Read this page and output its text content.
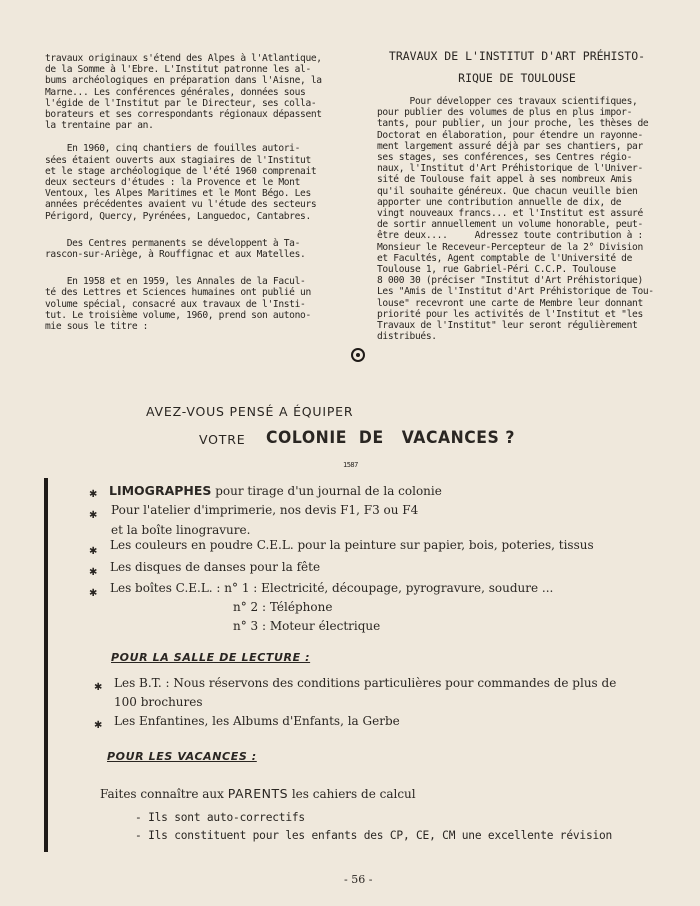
travaux originaux s'étend des Alpes à l'Atlantique,

de la Somme à l'Ebre. L'Institut patronne les al-

bums archéologiques en préparation dans l'Aisne, la

Marne... Les conférences générales, données sous

l'égide de l'Institut par le Directeur, ses colla-

borateurs et ses correspondants régionaux dépassent

la trentaine par an.

En 1960, cinq chantiers de fouilles autori-

sées étaient ouverts aux stagiaires de l'Institut

et le stage archéologique de l'été 1960 comprenait

deux secteurs d'études : la Provence et le Mont

Ventoux, les Alpes Maritimes et le Mont Bégo. Les

années précédentes avaient vu l'étude des secteurs

Périgord, Quercy, Pyrénées, Languedoc, Cantabres.

Des Centres permanents se développent à Ta-

rascon-sur-Ariège, à Rouffignac et aux Matelles.

En 1958 et en 1959, les Annales de la Facul-

té des Lettres et Sciences humaines ont publié un

volume spécial, consacré aux travaux de l'Insti-

tut. Le troisième volume, 1960, prend son autono-

mie sous le titre :

TRAVAUX DE L'INSTITUT D'ART PRÉHISTO-

RIQUE DE TOULOUSE

Pour développer ces travaux scientifiques,

pour publier des volumes de plus en plus impor-

tants, pour publier, un jour proche, les thèses de

Doctorat en élaboration, pour étendre un rayonne-

ment largement assuré déjà par ses chantiers, par

ses stages, ses conférences, ses Centres régio-

naux, l'Institut d'Art Préhistorique de l'Univer-

sité de Toulouse fait appel à ses nombreux Amis

qu'il souhaite généreux. Que chacun veuille bien

apporter une contribution annuelle de dix, de

vingt nouveaux francs... et l'Institut est assuré

de sortir annuellement un volume honorable, peut-

être deux....     Adressez toute contribution à :

Monsieur le Receveur-Percepteur de la 2° Division

et Facultés, Agent comptable de l'Université de

Toulouse 1, rue Gabriel-Péri C.C.P. Toulouse

8 000 30 (préciser "Institut d'Art Préhistorique)

Les "Amis de l'Institut d'Art Préhistorique de Tou-

louse" recevront une carte de Membre leur donnant

priorité pour les activités de l'Institut et "les

Travaux de l'Institut" leur seront régulièrement

distribués.

AVEZ-VOUS PENSÉ A ÉQUIPER
VOTRE COLONIE  DE   VACANCES ?
1587
✱ LIMOGRAPHES pour tirage d'un journal de la colonie
✱ Pour l'atelier d'imprimerie, nos devis F1, F3 ou F4
et la boîte linogravure.
✱ Les couleurs en poudre C.E.L. pour la peinture sur papier, bois, poteries, tissus
✱ Les disques de danses pour la fête
✱ Les boîtes C.E.L. : n° 1 : Electricité, découpage, pyrogravure, soudure ...
n° 2 : Téléphone
n° 3 : Moteur électrique
POUR LA SALLE DE LECTURE :
✱ Les B.T. : Nous réservons des conditions particulières pour commandes de plus de
100 brochures
✱ Les Enfantines, les Albums d'Enfants, la Gerbe
POUR LES VACANCES :
Faites connaître aux PARENTS les cahiers de calcul
- Ils sont auto-correctifs
- Ils constituent pour les enfants des CP, CE, CM une excellente révision
- 56 -
